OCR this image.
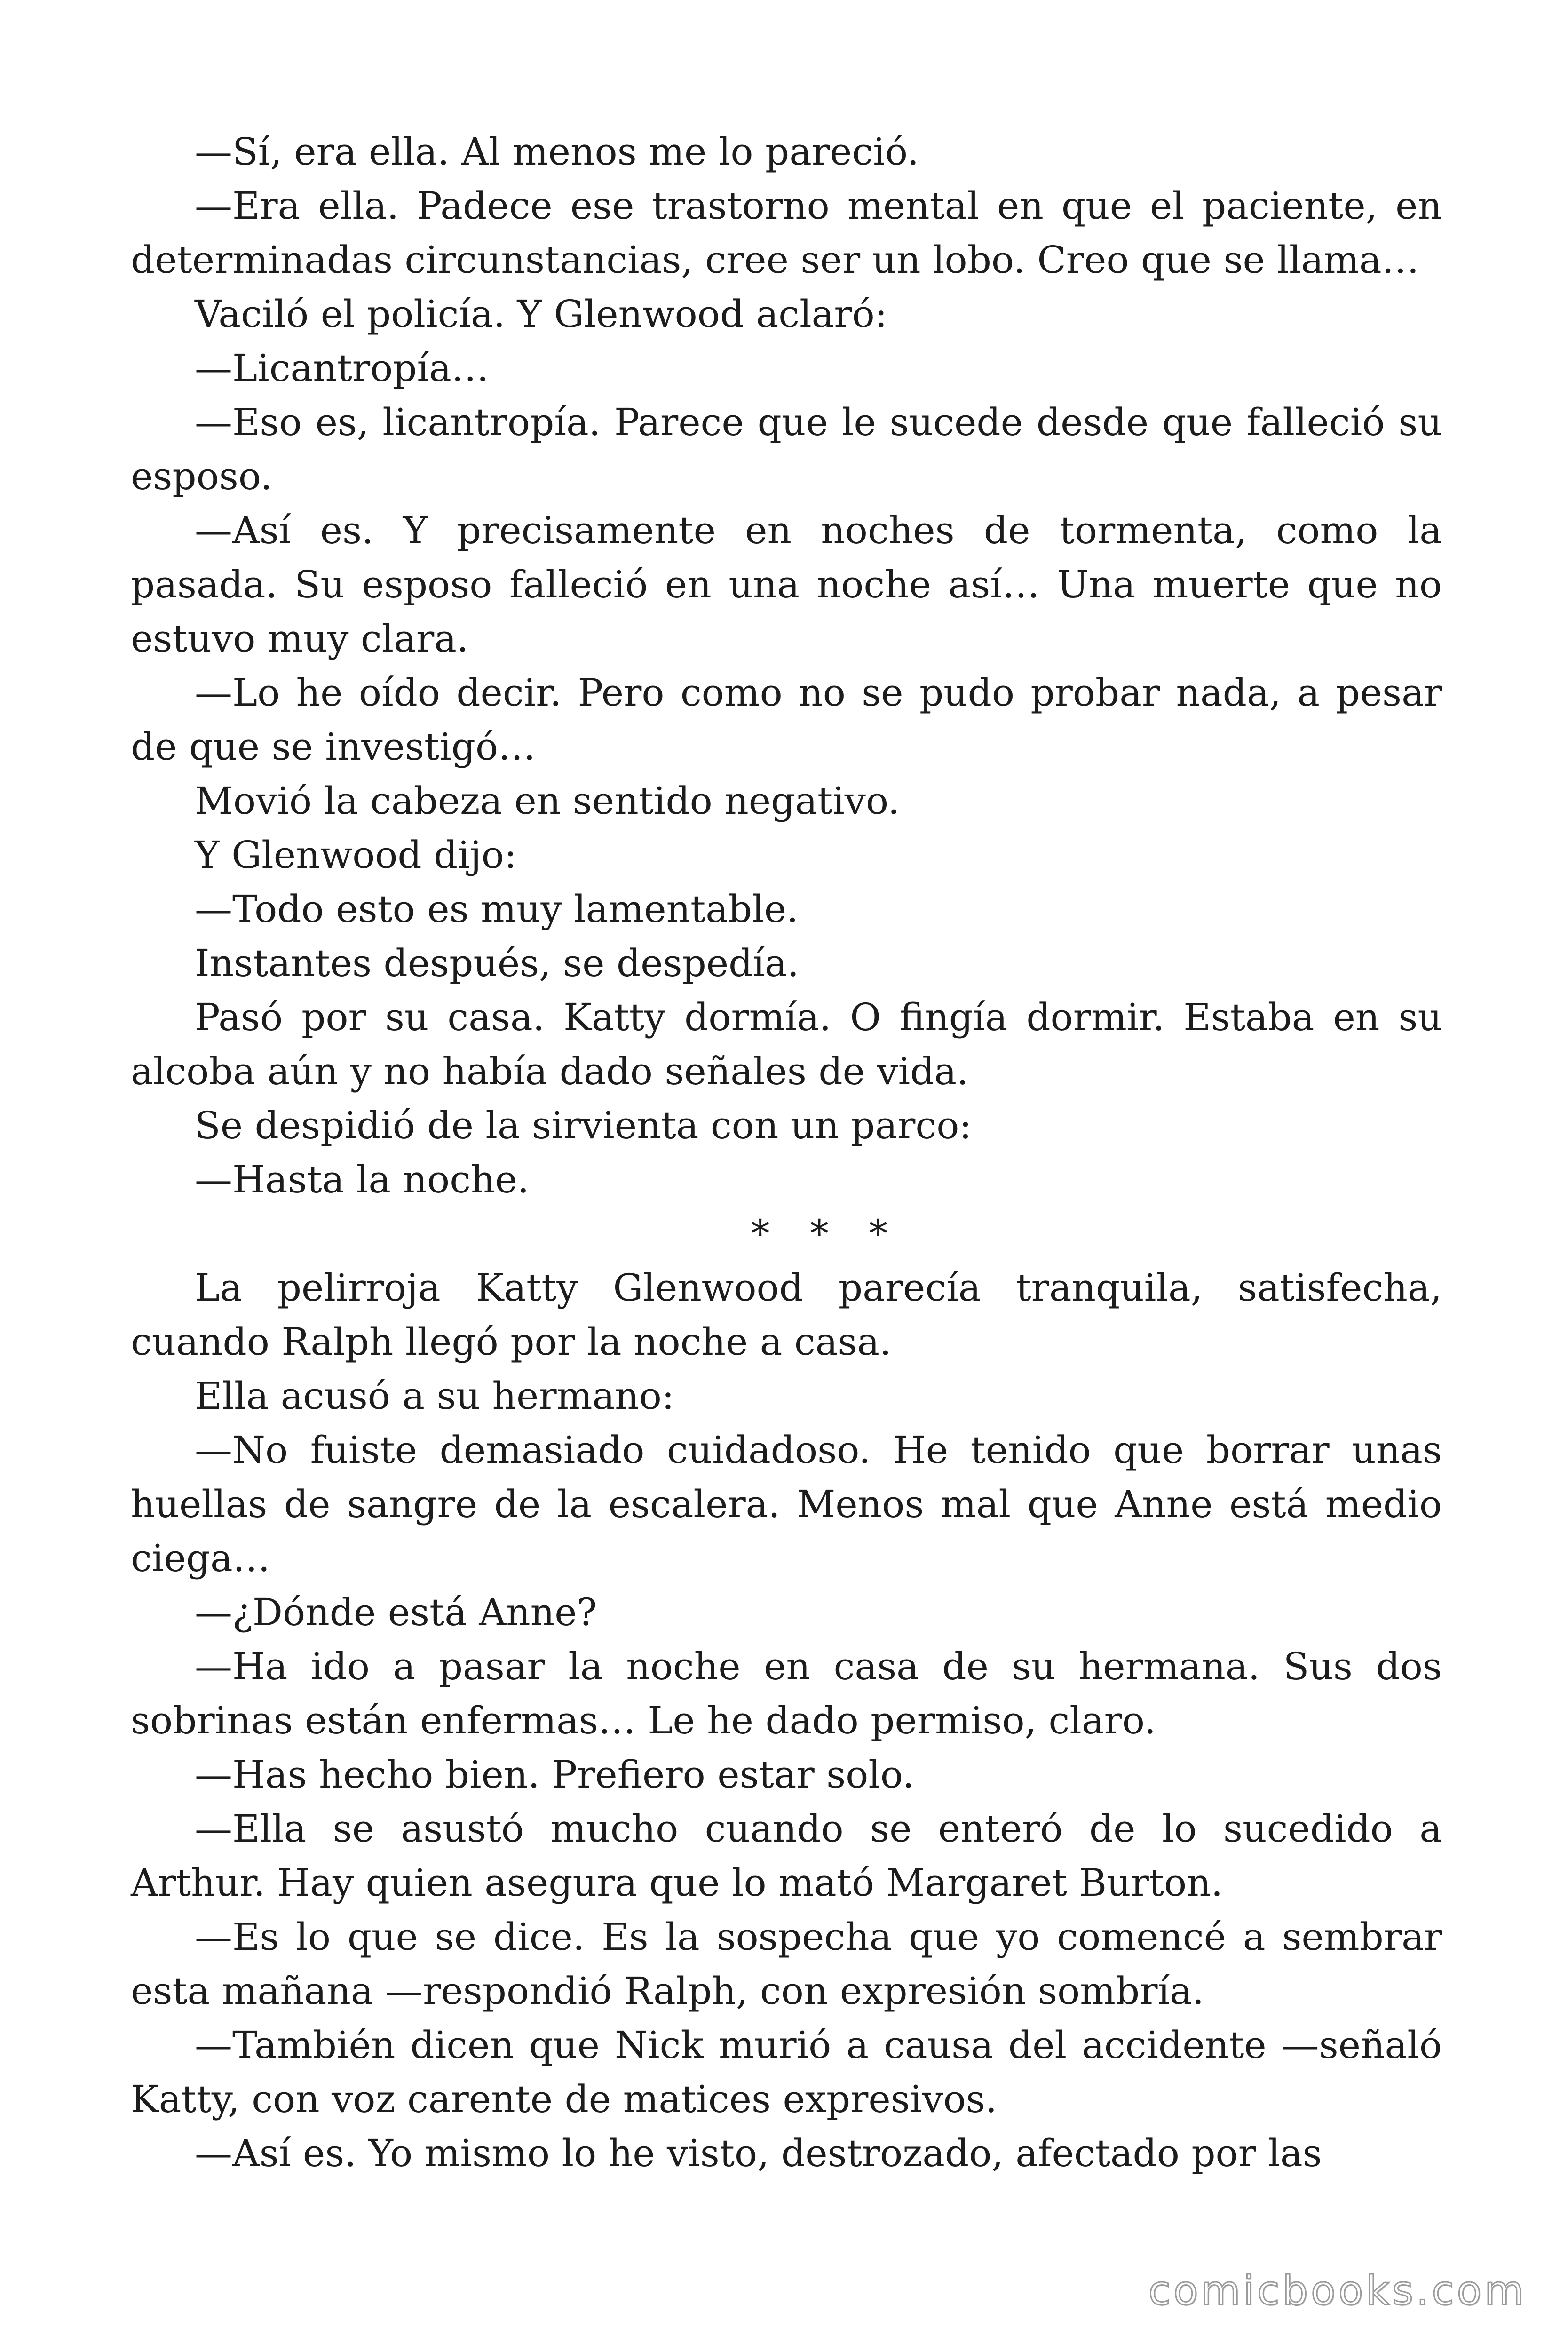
—Sí, era ella. Al menos me lo pareció.

—Era ella. Padece ese trastorno mental en que el paciente, en determinadas circunstancias, cree ser un lobo. Creo que se llama…

Vaciló el policía. Y Glenwood aclaró:

—Licantropía…

—Eso es, licantropía. Parece que le sucede desde que falleció su esposo.

—Así es. Y precisamente en noches de tormenta, como la pasada. Su esposo falleció en una noche así… Una muerte que no estuvo muy clara.

—Lo he oído decir. Pero como no se pudo probar nada, a pesar de que se investigó…

Movió la cabeza en sentido negativo.

Y Glenwood dijo:

—Todo esto es muy lamentable.

Instantes después, se despedía.

Pasó por su casa. Katty dormía. O fingía dormir. Estaba en su alcoba aún y no había dado señales de vida.

Se despidió de la sirvienta con un parco:

—Hasta la noche.

* * *

La pelirroja Katty Glenwood parecía tranquila, satisfecha, cuando Ralph llegó por la noche a casa.

Ella acusó a su hermano:

—No fuiste demasiado cuidadoso. He tenido que borrar unas huellas de sangre de la escalera. Menos mal que Anne está medio ciega…

—¿Dónde está Anne?

—Ha ido a pasar la noche en casa de su hermana. Sus dos sobrinas están enfermas… Le he dado permiso, claro.

—Has hecho bien. Prefiero estar solo.

—Ella se asustó mucho cuando se enteró de lo sucedido a Arthur. Hay quien asegura que lo mató Margaret Burton.

—Es lo que se dice. Es la sospecha que yo comencé a sembrar esta mañana —respondió Ralph, con expresión sombría.

—También dicen que Nick murió a causa del accidente —señaló Katty, con voz carente de matices expresivos.

—Así es. Yo mismo lo he visto, destrozado, afectado por las

comicbooks.com
